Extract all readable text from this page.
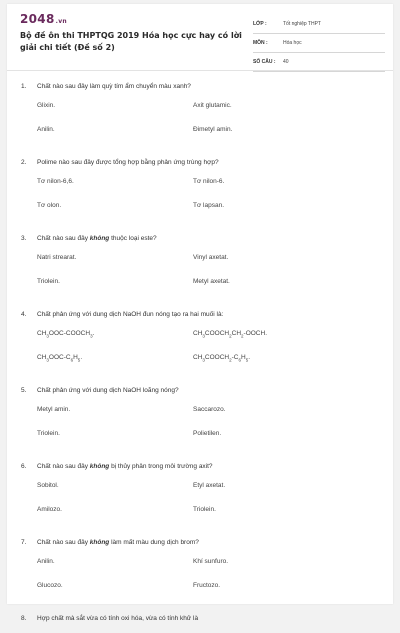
2048.vn
Bộ đề ôn thi THPTQG 2019 Hóa học cực hay có lời giải chi tiết (Đề số 2)
LỚP :	Tốt nghiệp THPT
MÔN :	Hóa học
SỐ CÂU :	40
1.	Chất nào sau đây làm quỳ tím ẩm chuyển màu xanh?
Glixin.	Axit glutamic.
Anilin.	Đimetyl amin.
2.	Polime nào sau đây được tổng hợp bằng phản ứng trùng hợp?
Tơ nilon-6,6.	Tơ nilon-6.
Tơ olon.	Tơ lapsan.
3.	Chất nào sau đây không thuộc loại este?
Natri strearat.	Vinyl axetat.
Triolein.	Metyl axetat.
4.	Chất phản ứng với dung dịch NaOH đun nóng tạo ra hai muối là:
$CH_3OOC-COOCH_3$.	$CH_3COOCH_2CH_2$-OOCH.
$CH_3OOC-C_6H_5$.	$CH_3COOCH_2-C_6H_5$.
5.	Chất phản ứng với dung dịch NaOH loãng nóng?
Metyl amin.	Saccarozo.
Triolein.	Polietilen.
6.	Chất nào sau đây không bị thủy phân trong môi trường axit?
Sobitol.	Etyl axetat.
Amilozo.	Triolein.
7.	Chất nào sau đây không làm mất màu dung dịch brom?
Anilin.	Khí sunfuro.
Glucozo.	Fructozo.
8.	Hợp chất mà sắt vừa có tính oxi hóa, vừa có tính khử là
